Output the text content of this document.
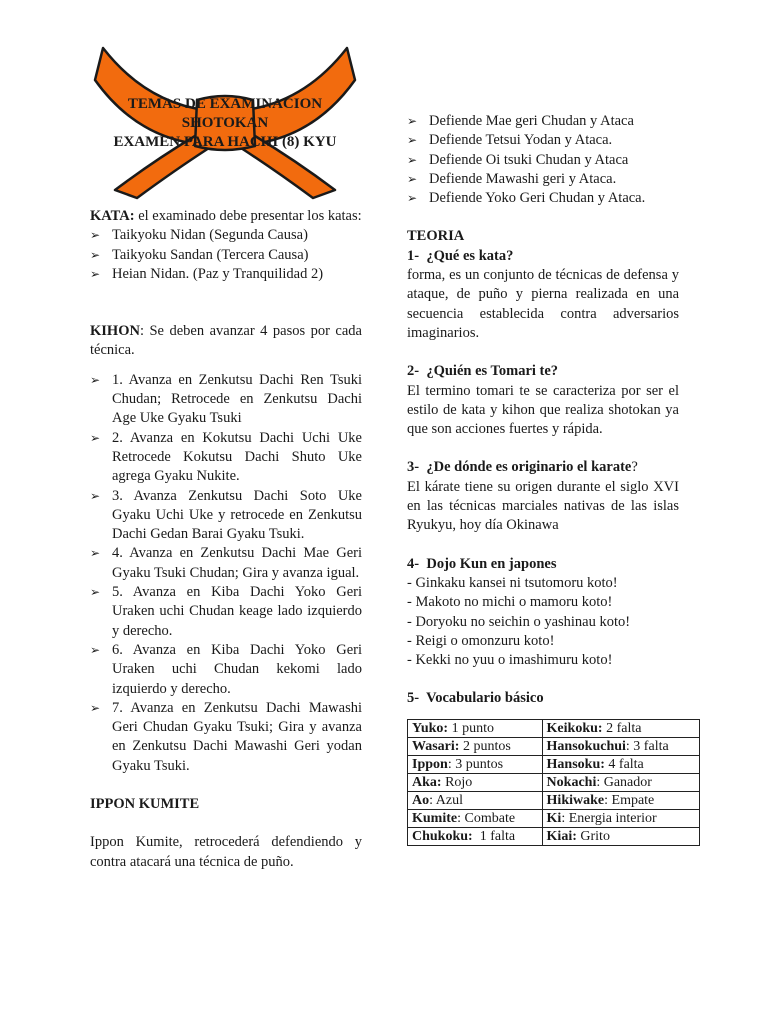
TEMAS DE EXAMINACION
SHOTOKAN
EXAMEN PARA HACHI (8) KYU

KATA: el examinado debe presentar los katas:

➢ Taikyoku Nidan (Segunda Causa)
➢ Taikyoku Sandan (Tercera Causa)
➢ Heian Nidan. (Paz y Tranquilidad 2)

KIHON: Se deben avanzar 4 pasos por cada técnica.

➢ 1. Avanza en Zenkutsu Dachi Ren Tsuki Chudan; Retrocede en Zenkutsu Dachi Age Uke Gyaku Tsuki
➢ 2. Avanza en Kokutsu Dachi Uchi Uke Retrocede Kokutsu Dachi Shuto Uke agrega Gyaku Nukite.
➢ 3. Avanza Zenkutsu Dachi Soto Uke Gyaku Uchi Uke y retrocede en Zenkutsu Dachi Gedan Barai Gyaku Tsuki.
➢ 4. Avanza en Zenkutsu Dachi Mae Geri Gyaku Tsuki Chudan; Gira y avanza igual.
➢ 5. Avanza en Kiba Dachi Yoko Geri Uraken uchi Chudan keage lado izquierdo y derecho.
➢ 6. Avanza en Kiba Dachi Yoko Geri Uraken uchi Chudan kekomi lado izquierdo y derecho.
➢ 7. Avanza en Zenkutsu Dachi Mawashi Geri Chudan Gyaku Tsuki; Gira y avanza en Zenkutsu Dachi Mawashi Geri yodan Gyaku Tsuki.

IPPON KUMITE

Ippon Kumite, retrocederá defendiendo y contra atacará una técnica de puño.

➢ Defiende Mae geri Chudan y Ataca
➢ Defiende Tetsui Yodan y Ataca.
➢ Defiende Oi tsuki Chudan y Ataca
➢ Defiende Mawashi geri y Ataca.
➢ Defiende Yoko Geri Chudan y Ataca.

TEORIA

1-  ¿Qué es kata?

forma, es un conjunto de técnicas de defensa y ataque, de puño y pierna realizada en una secuencia establecida contra adversarios imaginarios.

2-  ¿Quién es Tomari te?

El termino tomari te se caracteriza por ser el estilo de kata y kihon que realiza shotokan ya que son acciones fuertes y rápida.

3-  ¿De dónde es originario el karate?

El kárate tiene su origen durante el siglo XVI en las técnicas marciales nativas de las islas Ryukyu, hoy día Okinawa

4-  Dojo Kun en japones

- Ginkaku kansei ni tsutomoru koto!

- Makoto no michi o mamoru koto!

- Doryoku no seichin o yashinau koto!

- Reigi o omonzuru koto!

- Kekki no yuu o imashimuru koto!

5-  Vocabulario básico

Yuko: 1 punto	Keikoku: 2 falta
Wasari: 2 puntos	Hansokuchui: 3 falta
Ippon: 3 puntos	Hansoku: 4 falta
Aka: Rojo	Nokachi: Ganador
Ao: Azul	Hikiwake: Empate
Kumite: Combate	Ki: Energia interior
Chukoku:  1 falta	Kiai: Grito
